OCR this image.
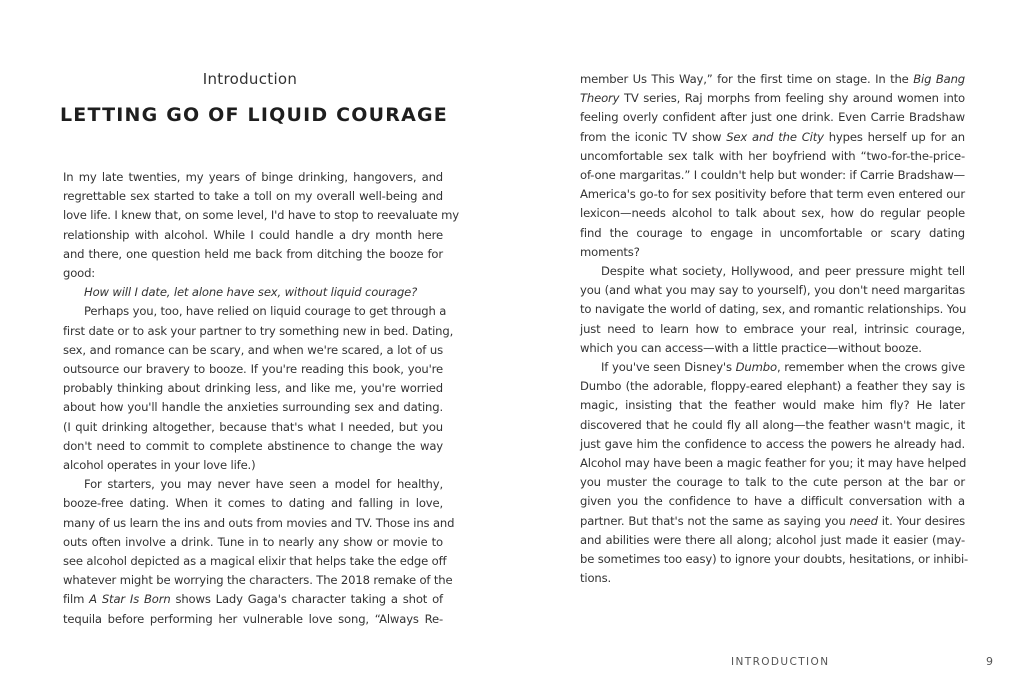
Introduction
LETTING GO OF LIQUID COURAGE
In my late twenties, my years of binge drinking, hangovers, and
regrettable sex started to take a toll on my overall well-being and
love life. I knew that, on some level, I'd have to stop to reevaluate my
relationship with alcohol. While I could handle a dry month here
and there, one question held me back from ditching the booze for
good:
How will I date, let alone have sex, without liquid courage?
Perhaps you, too, have relied on liquid courage to get through a
first date or to ask your partner to try something new in bed. Dating,
sex, and romance can be scary, and when we're scared, a lot of us
outsource our bravery to booze. If you're reading this book, you're
probably thinking about drinking less, and like me, you're worried
about how you'll handle the anxieties surrounding sex and dating.
(I quit drinking altogether, because that's what I needed, but you
don't need to commit to complete abstinence to change the way
alcohol operates in your love life.)
For starters, you may never have seen a model for healthy,
booze-free dating. When it comes to dating and falling in love,
many of us learn the ins and outs from movies and TV. Those ins and
outs often involve a drink. Tune in to nearly any show or movie to
see alcohol depicted as a magical elixir that helps take the edge off
whatever might be worrying the characters. The 2018 remake of the
film A Star Is Born shows Lady Gaga's character taking a shot of
tequila before performing her vulnerable love song, “Always Re-
member Us This Way,” for the first time on stage. In the Big Bang
Theory TV series, Raj morphs from feeling shy around women into
feeling overly confident after just one drink. Even Carrie Bradshaw
from the iconic TV show Sex and the City hypes herself up for an
uncomfortable sex talk with her boyfriend with “two-for-the-price-
of-one margaritas.” I couldn't help but wonder: if Carrie Bradshaw—
America's go-to for sex positivity before that term even entered our
lexicon—needs alcohol to talk about sex, how do regular people
find the courage to engage in uncomfortable or scary dating
moments?
Despite what society, Hollywood, and peer pressure might tell
you (and what you may say to yourself), you don't need margaritas
to navigate the world of dating, sex, and romantic relationships. You
just need to learn how to embrace your real, intrinsic courage,
which you can access—with a little practice—without booze.
If you've seen Disney's Dumbo, remember when the crows give
Dumbo (the adorable, floppy-eared elephant) a feather they say is
magic, insisting that the feather would make him fly? He later
discovered that he could fly all along—the feather wasn't magic, it
just gave him the confidence to access the powers he already had.
Alcohol may have been a magic feather for you; it may have helped
you muster the courage to talk to the cute person at the bar or
given you the confidence to have a difficult conversation with a
partner. But that's not the same as saying you need it. Your desires
and abilities were there all along; alcohol just made it easier (may-
be sometimes too easy) to ignore your doubts, hesitations, or inhibi-
tions.
INTRODUCTION	9
